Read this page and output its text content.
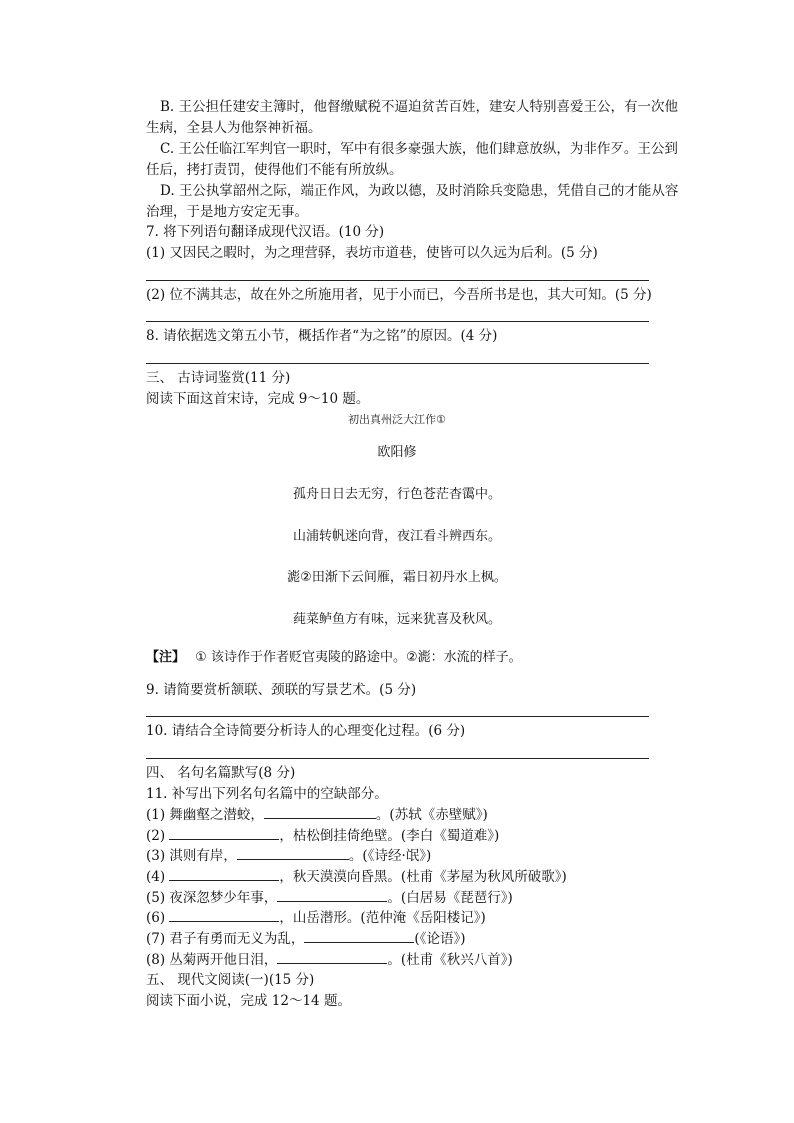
B. 王公担任建安主簿时，他督缴赋税不逼迫贫苦百姓，建安人特别喜爱王公，有一次他
生病，全县人为他祭神祈福。
C. 王公任临江军判官一职时，军中有很多豪强大族，他们肆意放纵，为非作歹。王公到
任后，拷打责罚，使得他们不能有所放纵。
D. 王公执掌韶州之际，端正作风，为政以德，及时消除兵变隐患，凭借自己的才能从容
治理，于是地方安定无事。
7. 将下列语句翻译成现代汉语。(10 分)
(1) 又因民之暇时，为之理营驿，表坊市道巷，使皆可以久远为后利。(5 分)
(2) 位不满其志，故在外之所施用者，见于小而已，今吾所书是也，其大可知。(5 分)
8. 请依据选文第五小节，概括作者“为之铭”的原因。(4 分)
三、 古诗词鉴赏(11 分)
阅读下面这首宋诗，完成 9～10 题。
初出真州泛大江作①
欧阳修
孤舟日日去无穷，行色苍茫杳霭中。
山浦转帆迷向背，夜江看斗辨西东。
滮②田渐下云间雁，霜日初丹水上枫。
莼菜鲈鱼方有味，远来犹喜及秋风。
【注】 ① 该诗作于作者贬官夷陵的路途中。②滮：水流的样子。
9. 请简要赏析颔联、颈联的写景艺术。(5 分)
10. 请结合全诗简要分析诗人的心理变化过程。(6 分)
四、 名句名篇默写(8 分)
11. 补写出下列名句名篇中的空缺部分。
(1) 舞幽壑之潜蛟，	。(苏轼《赤壁赋》)
(2)	，枯松倒挂倚绝壁。(李白《蜀道难》)
(3) 淇则有岸，	。(《诗经·氓》)
(4)	，秋天漠漠向昏黑。(杜甫《茅屋为秋风所破歌》)
(5) 夜深忽梦少年事，	。(白居易《琵琶行》)
(6)	，山岳潜形。(范仲淹《岳阳楼记》)
(7) 君子有勇而无义为乱，	(《论语》)
(8) 丛菊两开他日泪，	。(杜甫《秋兴八首》)
五、 现代文阅读(一)(15 分)
阅读下面小说，完成 12～14 题。
